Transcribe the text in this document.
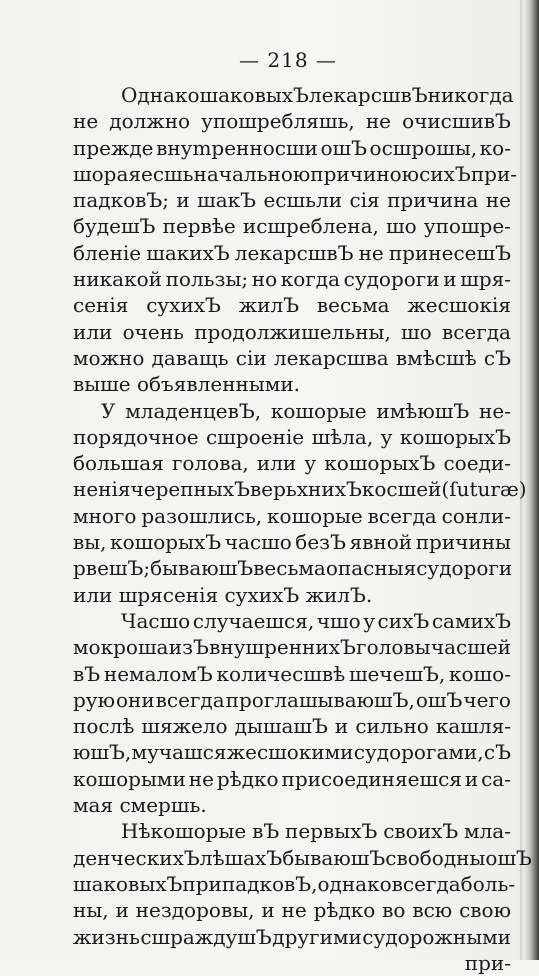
— 218 —
Однако шаковыхЪ лекарсшвЪ никогда
не должно упошребляшь, не очисшивЪ
прежде внуmренносши ошЪ осшрошы, ко-
шорая есшь начальною причиною сихЪ при-
падковЪ; и шакЪ есшьли сiя причина не
будешЪ первѣе исшреблена, шо упошре-
бленiе шакихЪ лекарсшвЪ не принесешЪ
никакой пользы; но когда судороги и шря-
сенiя сухихЪ жилЪ весьма жесшокiя
или очень продолжишельны, шо всегда
можно даващь сiи лекарсшва вмѣсшѣ сЪ
выше объявленными.
У младенцевЪ, кошорые имѣюшЪ не-
порядочное сшроенiе шѣла, у кошорыхЪ
большая голова, или у кошорыхЪ соеди-
ненiя черепныхЪ верьхнихЪ косшей (ſuturæ)
много разошлись, кошорые всегда сонли-
вы, кошорыхЪ часшо безЪ явной причины
рвешЪ; бываюшЪ весьма опасныя судороги
или шрясенiя сухихЪ жилЪ.
Часшо случаешся, чшо у сихЪ самихЪ
мокроша изЪ внушреннихЪ головы часшей
вЪ немаломЪ количесшвѣ шечешЪ, кошо-
рую они всегда проглашываюшЪ, ошЪ чего
послѣ шяжело дышашЪ и сильно кашля-
юшЪ, мучашся жесшокими судорогами, сЪ
кошорыми не рѣдко присоединяешся и са-
мая смершь.
Нѣкошорые вЪ первыхЪ своихЪ мла-
денческихЪ лѣшахЪ бываюшЪ свободны ошЪ
шаковыхЪ припадковЪ, однако всегда боль-
ны, и нездоровы, и не рѣдко во всю свою
жизнь сшраждушЪ другими судорожными
при-
